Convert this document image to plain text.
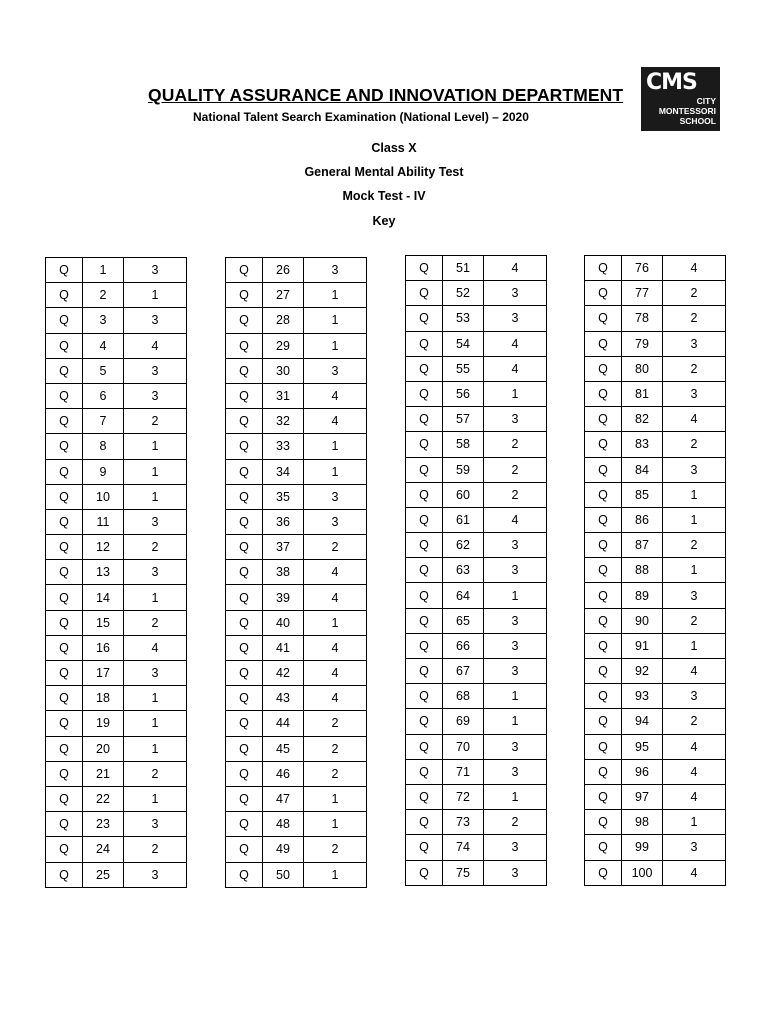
QUALITY ASSURANCE AND INNOVATION DEPARTMENT
National Talent Search Examination (National Level) – 2020
Class X
General Mental Ability Test
Mock Test - IV
Key
CMS
CITY
MONTESSORI
SCHOOL
Q	1	3
Q	2	1
Q	3	3
Q	4	4
Q	5	3
Q	6	3
Q	7	2
Q	8	1
Q	9	1
Q	10	1
Q	11	3
Q	12	2
Q	13	3
Q	14	1
Q	15	2
Q	16	4
Q	17	3
Q	18	1
Q	19	1
Q	20	1
Q	21	2
Q	22	1
Q	23	3
Q	24	2
Q	25	3
Q	26	3
Q	27	1
Q	28	1
Q	29	1
Q	30	3
Q	31	4
Q	32	4
Q	33	1
Q	34	1
Q	35	3
Q	36	3
Q	37	2
Q	38	4
Q	39	4
Q	40	1
Q	41	4
Q	42	4
Q	43	4
Q	44	2
Q	45	2
Q	46	2
Q	47	1
Q	48	1
Q	49	2
Q	50	1
Q	51	4
Q	52	3
Q	53	3
Q	54	4
Q	55	4
Q	56	1
Q	57	3
Q	58	2
Q	59	2
Q	60	2
Q	61	4
Q	62	3
Q	63	3
Q	64	1
Q	65	3
Q	66	3
Q	67	3
Q	68	1
Q	69	1
Q	70	3
Q	71	3
Q	72	1
Q	73	2
Q	74	3
Q	75	3
Q	76	4
Q	77	2
Q	78	2
Q	79	3
Q	80	2
Q	81	3
Q	82	4
Q	83	2
Q	84	3
Q	85	1
Q	86	1
Q	87	2
Q	88	1
Q	89	3
Q	90	2
Q	91	1
Q	92	4
Q	93	3
Q	94	2
Q	95	4
Q	96	4
Q	97	4
Q	98	1
Q	99	3
Q	100	4
